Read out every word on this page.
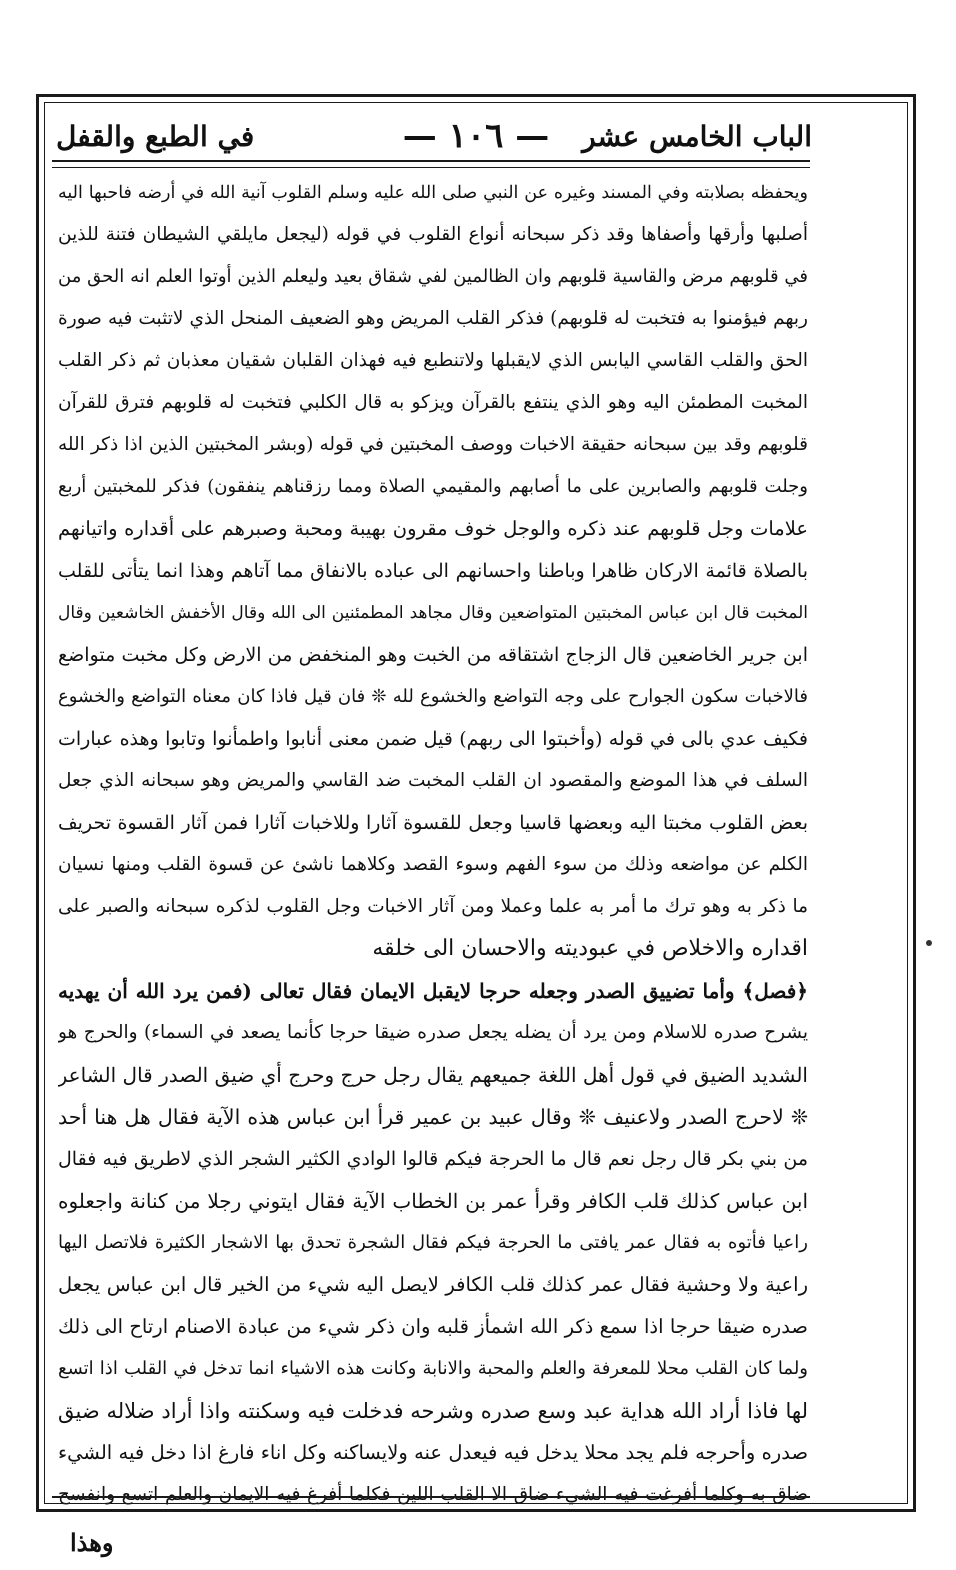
الباب الخامس عشر
— ١٠٦ —
في الطبع والقفل
ويحفظه بصلابته وفي المسند وغيره عن النبي صلى الله عليه وسلم القلوب آنية الله في أرضه فاحبها اليه
أصلبها وأرقها وأصفاها وقد ذكر سبحانه أنواع القلوب في قوله (ليجعل مايلقي الشيطان فتنة للذين
في قلوبهم مرض والقاسية قلوبهم وان الظالمين لفي شقاق بعيد وليعلم الذين أوتوا العلم انه الحق من
ربهم فيؤمنوا به فتخبت له قلوبهم) فذكر القلب المريض وهو الضعيف المنحل الذي لاتثبت فيه صورة
الحق والقلب القاسي اليابس الذي لايقبلها ولاتنطبع فيه فهذان القلبان شقيان معذبان ثم ذكر القلب
المخبت المطمئن اليه وهو الذي ينتفع بالقرآن ويزكو به قال الكلبي فتخبت له قلوبهم فترق للقرآن
قلوبهم وقد بين سبحانه حقيقة الاخبات ووصف المخبتين في قوله (وبشر المخبتين الذين اذا ذكر الله
وجلت قلوبهم والصابرين على ما أصابهم والمقيمي الصلاة ومما رزقناهم ينفقون) فذكر للمخبتين أربع
علامات وجل قلوبهم عند ذكره والوجل خوف مقرون بهيبة ومحبة وصبرهم على أقداره واتيانهم
بالصلاة قائمة الاركان ظاهرا وباطنا واحسانهم الى عباده بالانفاق مما آتاهم وهذا انما يتأتى للقلب
المخبت قال ابن عباس المخبتين المتواضعين وقال مجاهد المطمئنين الى الله وقال الأخفش الخاشعين وقال
ابن جرير الخاضعين قال الزجاج اشتقاقه من الخبت وهو المنخفض من الارض وكل مخبت متواضع
فالاخبات سكون الجوارح على وجه التواضع والخشوع لله ❊ فان قيل فاذا كان معناه التواضع والخشوع
فكيف عدي بالى في قوله (وأخبتوا الى ربهم) قيل ضمن معنى أنابوا واطمأنوا وتابوا وهذه عبارات
السلف في هذا الموضع والمقصود ان القلب المخبت ضد القاسي والمريض وهو سبحانه الذي جعل
بعض القلوب مخبتا اليه وبعضها قاسيا وجعل للقسوة آثارا وللاخبات آثارا فمن آثار القسوة تحريف
الكلم عن مواضعه وذلك من سوء الفهم وسوء القصد وكلاهما ناشئ عن قسوة القلب ومنها نسيان
ما ذكر به وهو ترك ما أمر به علما وعملا ومن آثار الاخبات وجل القلوب لذكره سبحانه والصبر على
اقداره والاخلاص في عبوديته والاحسان الى خلقه
﴿فصل﴾ وأما تضييق الصدر وجعله حرجا لايقبل الايمان فقال تعالى (فمن يرد الله أن يهديه
يشرح صدره للاسلام ومن يرد أن يضله يجعل صدره ضيقا حرجا كأنما يصعد في السماء) والحرج هو
الشديد الضيق في قول أهل اللغة جميعهم يقال رجل حرج وحرج أي ضيق الصدر قال الشاعر
❊ لاحرج الصدر ولاعنيف ❊ وقال عبيد بن عمير قرأ ابن عباس هذه الآية فقال هل هنا أحد
من بني بكر قال رجل نعم قال ما الحرجة فيكم قالوا الوادي الكثير الشجر الذي لاطريق فيه فقال
ابن عباس كذلك قلب الكافر وقرأ عمر بن الخطاب الآية فقال ايتوني رجلا من كنانة واجعلوه
راعيا فأتوه به فقال عمر يافتى ما الحرجة فيكم فقال الشجرة تحدق بها الاشجار الكثيرة فلاتصل اليها
راعية ولا وحشية فقال عمر كذلك قلب الكافر لايصل اليه شيء من الخير قال ابن عباس يجعل
صدره ضيقا حرجا اذا سمع ذكر الله اشمأز قلبه وان ذكر شيء من عبادة الاصنام ارتاح الى ذلك
ولما كان القلب محلا للمعرفة والعلم والمحبة والانابة وكانت هذه الاشياء انما تدخل في القلب اذا اتسع
لها فاذا أراد الله هداية عبد وسع صدره وشرحه فدخلت فيه وسكنته واذا أراد ضلاله ضيق
صدره وأحرجه فلم يجد محلا يدخل فيه فيعدل عنه ولايساكنه وكل اناء فارغ اذا دخل فيه الشيء
ضاق به وكلما أفرغت فيه الشيء ضاق الا القلب اللين فكلما أفرغ فيه الايمان والعلم اتسع وانفسح
وهذا
